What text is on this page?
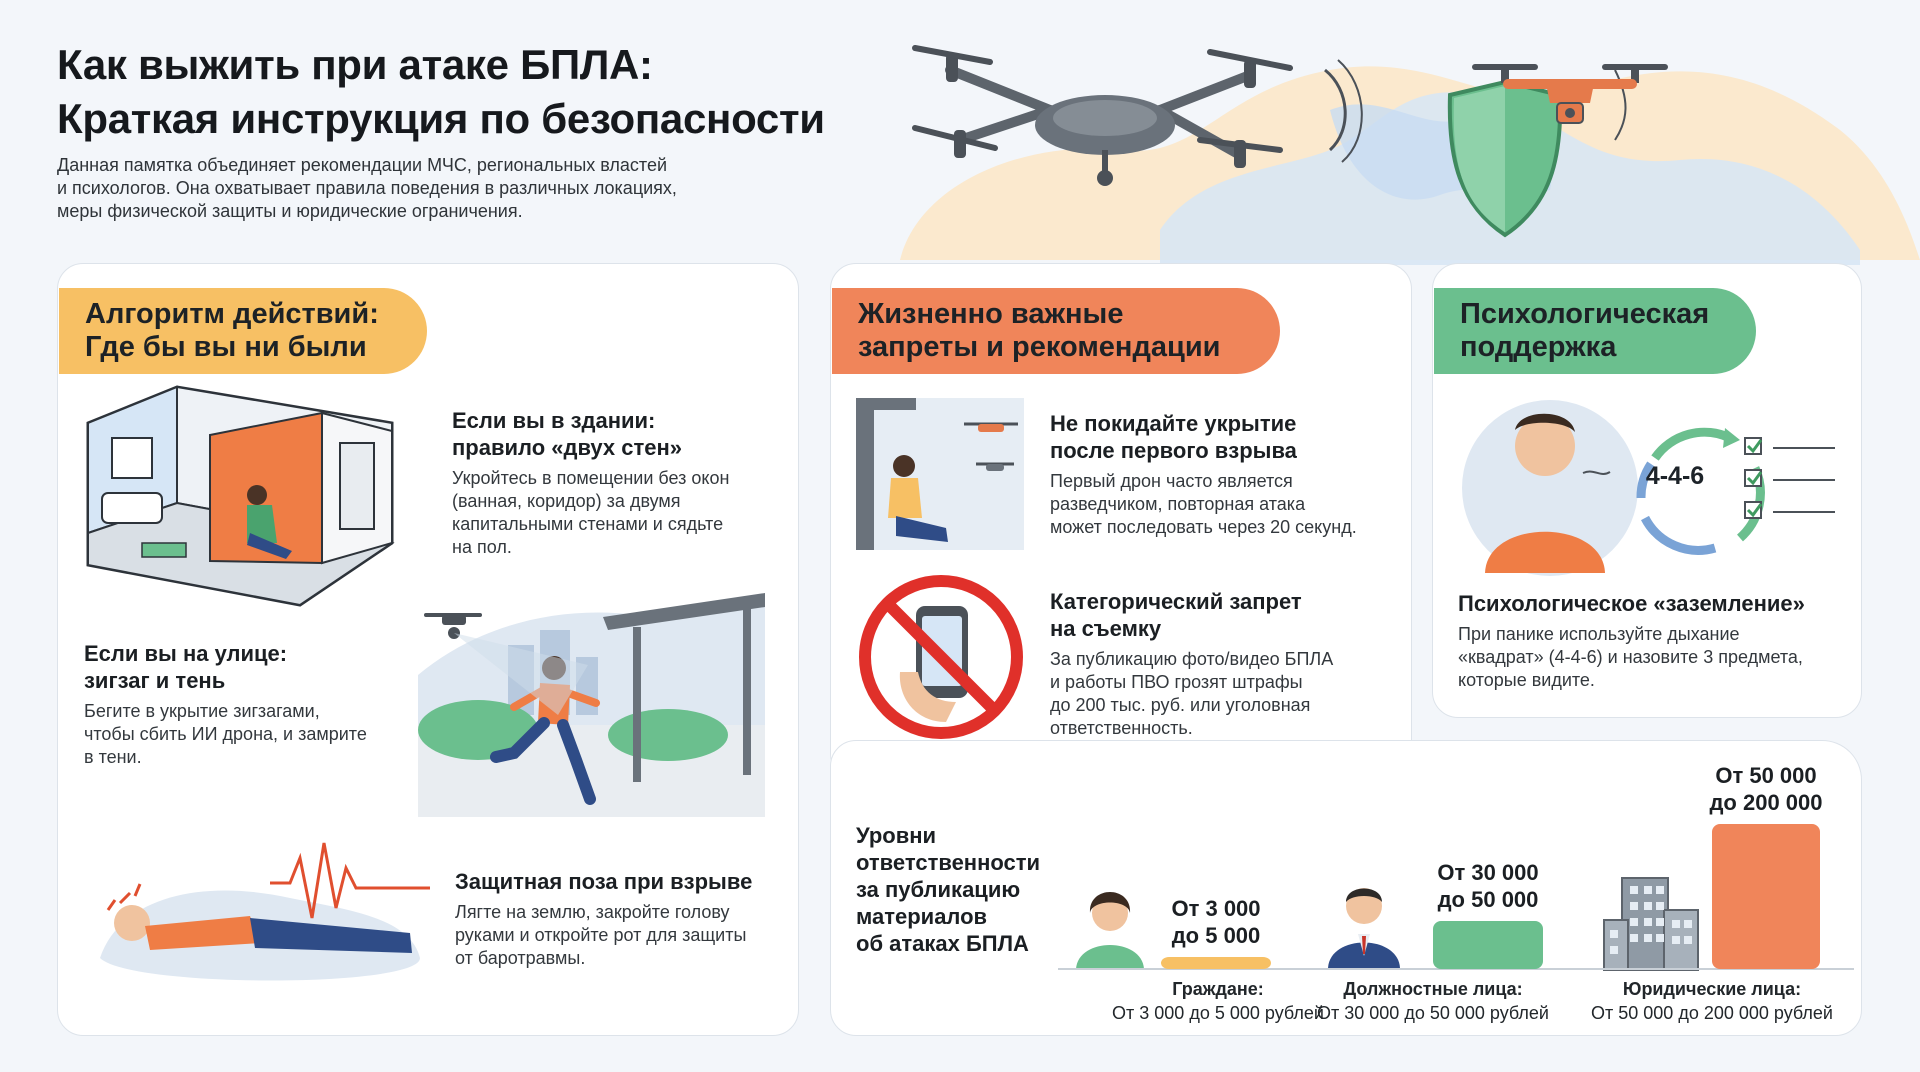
Как выжить при атаке БПЛА:
Краткая инструкция по безопасности
Данная памятка объединяет рекомендации МЧС, региональных властей
и психологов. Она охватывает правила поведения в различных локациях,
меры физической защиты и юридические ограничения.
Алгоритм действий:
Где бы вы ни были
Если вы в здании:
правило «двух стен»
Укройтесь в помещении без окон
(ванная, коридор) за двумя
капитальными стенами и сядьте
на пол.
Если вы на улице:
зигзаг и тень
Бегите в укрытие зигзагами,
чтобы сбить ИИ дрона, и замрите
в тени.
Защитная поза при взрыве
Лягте на землю, закройте голову
руками и откройте рот для защиты
от баротравмы.
Жизненно важные
запреты и рекомендации
Не покидайте укрытие
после первого взрыва
Первый дрон часто является
разведчиком, повторная атака
может последовать через 20 секунд.
Категорический запрет
на съемку
За публикацию фото/видео БПЛА
и работы ПВО грозят штрафы
до 200 тыс. руб. или уголовная
ответственность.
Психологическая
поддержка
4-4-6
Психологическое «заземление»
При панике используйте дыхание
«квадрат» (4-4-6) и назовите 3 предмета,
которые видите.
Уровни
ответственности
за публикацию
материалов
об атаках БПЛА
От 3 000
до 5 000
От 30 000
до 50 000
От 50 000
до 200 000
Граждане:
От 3 000 до 5 000 рублей
Должностные лица:
От 30 000 до 50 000 рублей
Юридические лица:
От 50 000 до 200 000 рублей
